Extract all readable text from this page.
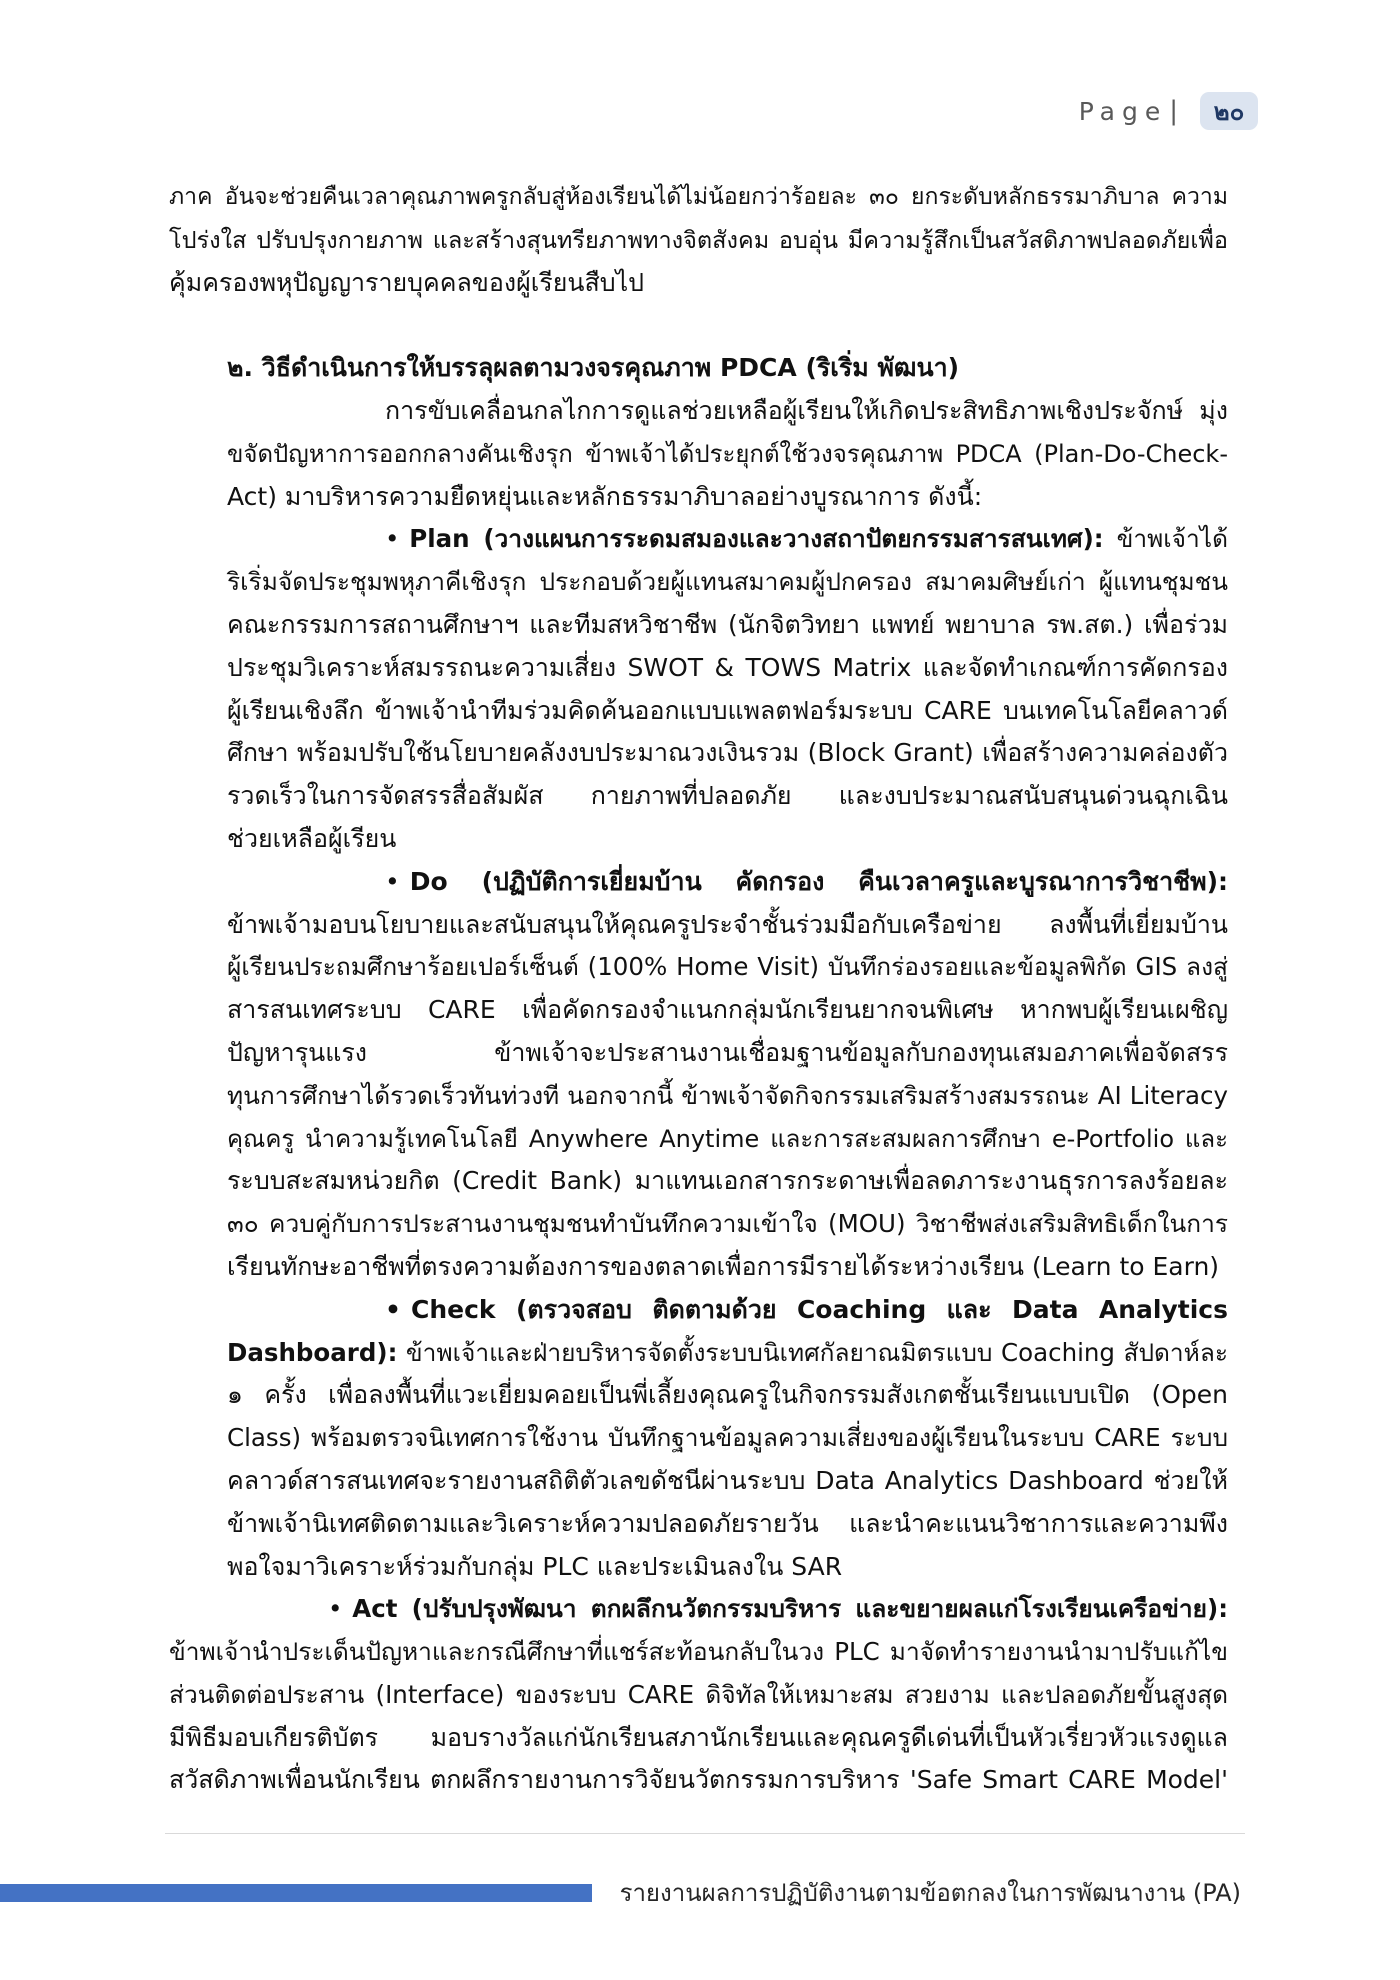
Page | ๒๐
ภาค อันจะช่วยคืนเวลาคุณภาพครูกลับสู่ห้องเรียนได้ไม่น้อยกว่าร้อยละ ๓๐ ยกระดับหลักธรรมาภิบาล ความ
โปร่งใส ปรับปรุงกายภาพ และสร้างสุนทรียภาพทางจิตสังคม อบอุ่น มีความรู้สึกเป็นสวัสดิภาพปลอดภัยเพื่อ
คุ้มครองพหุปัญญารายบุคคลของผู้เรียนสืบไป
๒. วิธีดำเนินการให้บรรลุผลตามวงจรคุณภาพ PDCA (ริเริ่ม พัฒนา)
การขับเคลื่อนกลไกการดูแลช่วยเหลือผู้เรียนให้เกิดประสิทธิภาพเชิงประจักษ์ มุ่ง
ขจัดปัญหาการออกกลางคันเชิงรุก ข้าพเจ้าได้ประยุกต์ใช้วงจรคุณภาพ PDCA (Plan-Do-Check-
Act) มาบริหารความยืดหยุ่นและหลักธรรมาภิบาลอย่างบูรณาการ ดังนี้:
• Plan (วางแผนการระดมสมองและวางสถาปัตยกรรมสารสนเทศ): ข้าพเจ้าได้
ริเริ่มจัดประชุมพหุภาคีเชิงรุก ประกอบด้วยผู้แทนสมาคมผู้ปกครอง สมาคมศิษย์เก่า ผู้แทนชุมชน
คณะกรรมการสถานศึกษาฯ และทีมสหวิชาชีพ (นักจิตวิทยา แพทย์ พยาบาล รพ.สต.) เพื่อร่วม
ประชุมวิเคราะห์สมรรถนะความเสี่ยง SWOT & TOWS Matrix และจัดทำเกณฑ์การคัดกรอง
ผู้เรียนเชิงลึก ข้าพเจ้านำทีมร่วมคิดค้นออกแบบแพลตฟอร์มระบบ CARE บนเทคโนโลยีคลาวด์
ศึกษา พร้อมปรับใช้นโยบายคลังงบประมาณวงเงินรวม (Block Grant) เพื่อสร้างความคล่องตัว
รวดเร็วในการจัดสรรสื่อสัมผัส กายภาพที่ปลอดภัย และงบประมาณสนับสนุนด่วนฉุกเฉิน
ช่วยเหลือผู้เรียน
• Do (ปฏิบัติการเยี่ยมบ้าน คัดกรอง คืนเวลาครูและบูรณาการวิชาชีพ):
ข้าพเจ้ามอบนโยบายและสนับสนุนให้คุณครูประจำชั้นร่วมมือกับเครือข่าย ลงพื้นที่เยี่ยมบ้าน
ผู้เรียนประถมศึกษาร้อยเปอร์เซ็นต์ (100% Home Visit) บันทึกร่องรอยและข้อมูลพิกัด GIS ลงสู่
สารสนเทศระบบ CARE เพื่อคัดกรองจำแนกกลุ่มนักเรียนยากจนพิเศษ หากพบผู้เรียนเผชิญ
ปัญหารุนแรง ข้าพเจ้าจะประสานงานเชื่อมฐานข้อมูลกับกองทุนเสมอภาคเพื่อจัดสรร
ทุนการศึกษาได้รวดเร็วทันท่วงที นอกจากนี้ ข้าพเจ้าจัดกิจกรรมเสริมสร้างสมรรถนะ AI Literacy
คุณครู นำความรู้เทคโนโลยี Anywhere Anytime และการสะสมผลการศึกษา e-Portfolio และ
ระบบสะสมหน่วยกิต (Credit Bank) มาแทนเอกสารกระดาษเพื่อลดภาระงานธุรการลงร้อยละ
๓๐ ควบคู่กับการประสานงานชุมชนทำบันทึกความเข้าใจ (MOU) วิชาชีพส่งเสริมสิทธิเด็กในการ
เรียนทักษะอาชีพที่ตรงความต้องการของตลาดเพื่อการมีรายได้ระหว่างเรียน (Learn to Earn)
• Check (ตรวจสอบ ติดตามด้วย Coaching และ Data Analytics
Dashboard): ข้าพเจ้าและฝ่ายบริหารจัดตั้งระบบนิเทศกัลยาณมิตรแบบ Coaching สัปดาห์ละ
๑ ครั้ง เพื่อลงพื้นที่แวะเยี่ยมคอยเป็นพี่เลี้ยงคุณครูในกิจกรรมสังเกตชั้นเรียนแบบเปิด (Open
Class) พร้อมตรวจนิเทศการใช้งาน บันทึกฐานข้อมูลความเสี่ยงของผู้เรียนในระบบ CARE ระบบ
คลาวด์สารสนเทศจะรายงานสถิติตัวเลขดัชนีผ่านระบบ Data Analytics Dashboard ช่วยให้
ข้าพเจ้านิเทศติดตามและวิเคราะห์ความปลอดภัยรายวัน และนำคะแนนวิชาการและความพึง
พอใจมาวิเคราะห์ร่วมกับกลุ่ม PLC และประเมินลงใน SAR
• Act (ปรับปรุงพัฒนา ตกผลึกนวัตกรรมบริหาร และขยายผลแก่โรงเรียนเครือข่าย):
ข้าพเจ้านำประเด็นปัญหาและกรณีศึกษาที่แชร์สะท้อนกลับในวง PLC มาจัดทำรายงานนำมาปรับแก้ไข
ส่วนติดต่อประสาน (Interface) ของระบบ CARE ดิจิทัลให้เหมาะสม สวยงาม และปลอดภัยขั้นสูงสุด
มีพิธีมอบเกียรติบัตร มอบรางวัลแก่นักเรียนสภานักเรียนและคุณครูดีเด่นที่เป็นหัวเรี่ยวหัวแรงดูแล
สวัสดิภาพเพื่อนนักเรียน ตกผลึกรายงานการวิจัยนวัตกรรมการบริหาร 'Safe Smart CARE Model'
รายงานผลการปฏิบัติงานตามข้อตกลงในการพัฒนางาน (PA)
